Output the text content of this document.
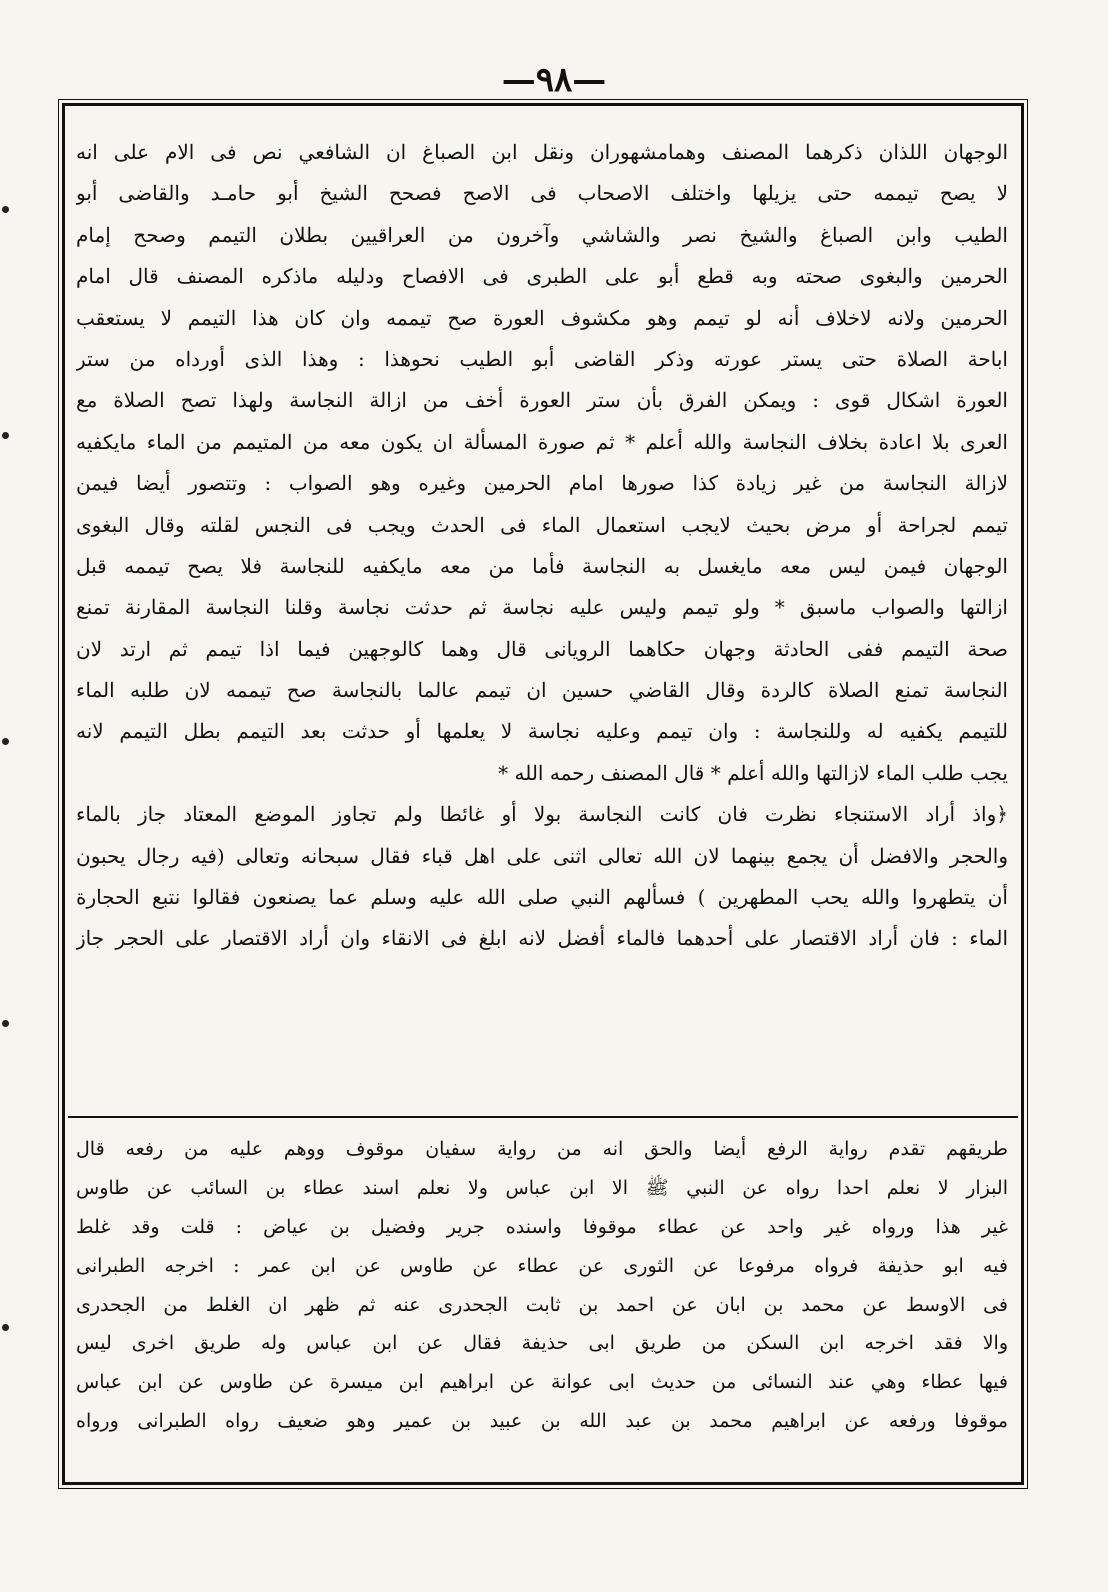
—٩٨—

الوجهان اللذان ذكرهما المصنف وهمامشهوران ونقل ابن الصباغ ان الشافعي نص فى الام على انه

لا يصح تيممه حتى يزيلها واختلف الاصحاب فى الاصح فصحح الشيخ أبو حامـد والقاضى أبو

الطيب وابن الصباغ والشيخ نصر والشاشي وآخرون من العراقيين بطلان التيمم وصحح إمام

الحرمين والبغوى صحته وبه قطع أبو على الطبرى فى الافصاح ودليله ماذكره المصنف قال امام

الحرمين ولانه لاخلاف أنه لو تيمم وهو مكشوف العورة صح تيممه وان كان هذا التيمم لا يستعقب

اباحة الصلاة حتى يستر عورته وذكر القاضى أبو الطيب نحوهذا : وهذا الذى أورداه من ستر

العورة اشكال قوى : ويمكن الفرق بأن ستر العورة أخف من ازالة النجاسة ولهذا تصح الصلاة مع

العرى بلا اعادة بخلاف النجاسة والله أعلم * ثم صورة المسألة ان يكون معه من المتيمم من الماء مايكفيه

لازالة النجاسة من غير زيادة كذا صورها امام الحرمين وغيره وهو الصواب : وتتصور أيضا فيمن

تيمم لجراحة أو مرض بحيث لايجب استعمال الماء فى الحدث ويجب فى النجس لقلته وقال البغوى

الوجهان فيمن ليس معه مايغسل به النجاسة فأما من معه مايكفيه للنجاسة فلا يصح تيممه قبل

ازالتها والصواب ماسبق * ولو تيمم وليس عليه نجاسة ثم حدثت نجاسة وقلنا النجاسة المقارنة تمنع

صحة التيمم ففى الحادثة وجهان حكاهما الرويانى قال وهما كالوجهين فيما اذا تيمم ثم ارتد لان

النجاسة تمنع الصلاة كالردة وقال القاضي حسين ان تيمم عالما بالنجاسة صح تيممه لان طلبه الماء

للتيمم يكفيه له وللنجاسة : وان تيمم وعليه نجاسة لا يعلمها أو حدثت بعد التيمم بطل التيمم لانه

يجب طلب الماء لازالتها والله أعلم * قال المصنف رحمه الله *

﴿واذ أراد الاستنجاء نظرت فان كانت النجاسة بولا أو غائطا ولم تجاوز الموضع المعتاد جاز بالماء

والحجر والافضل أن يجمع بينهما لان الله تعالى اثنى على اهل قباء فقال سبحانه وتعالى (فيه رجال يحبون

أن يتطهروا والله يحب المطهرين ) فسألهم النبي صلى الله عليه وسلم عما يصنعون فقالوا نتبع الحجارة

الماء : فان أراد الاقتصار على أحدهما فالماء أفضل لانه ابلغ فى الانقاء وان أراد الاقتصار على الحجر جاز

طريقهم تقدم رواية الرفع أيضا والحق انه من رواية سفيان موقوف ووهم عليه من رفعه قال

البزار لا نعلم احدا رواه عن النبي ﷺ الا ابن عباس ولا نعلم اسند عطاء بن السائب عن طاوس

غير هذا ورواه غير واحد عن عطاء موقوفا واسنده جرير وفضيل بن عياض : قلت وقد غلط

فيه ابو حذيفة فرواه مرفوعا عن الثورى عن عطاء عن طاوس عن ابن عمر : اخرجه الطبرانى

فى الاوسط عن محمد بن ابان عن احمد بن ثابت الجحدرى عنه ثم ظهر ان الغلط من الجحدرى

والا فقد اخرجه ابن السكن من طريق ابى حذيفة فقال عن ابن عباس وله طريق اخرى ليس

فيها عطاء وهي عند النسائى من حديث ابى عوانة عن ابراهيم ابن ميسرة عن طاوس عن ابن عباس

موقوفا ورفعه عن ابراهيم محمد بن عبد الله بن عبيد بن عمير وهو ضعيف رواه الطبرانى ورواه
